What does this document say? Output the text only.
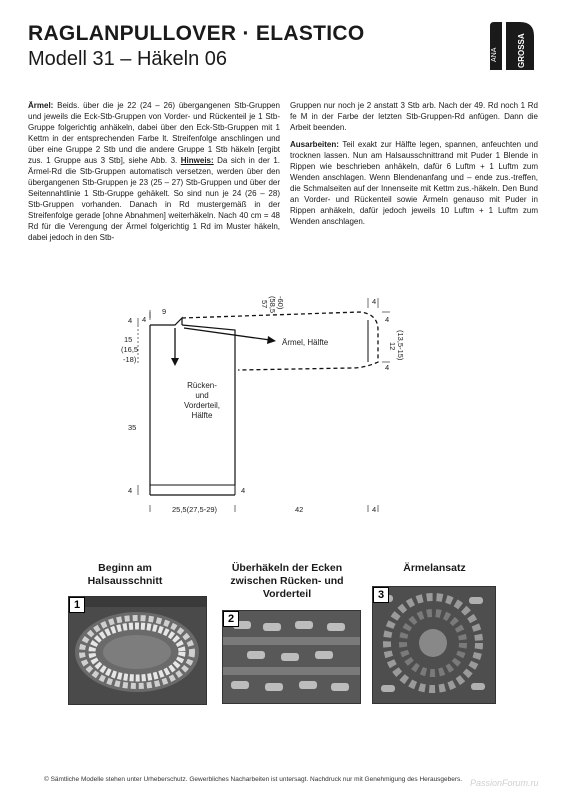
RAGLANPULLOVER · ELASTICO
Modell 31 – Häkeln 06	ANA GROSSA

Ärmel: Beids. über die je 22 (24 – 26) übergangenen Stb-Gruppen und jeweils die Eck-Stb-Gruppen von Vorder- und Rückenteil je 1 Stb-Gruppe folgerichtig anhäkeln, dabei über den Eck-Stb-Gruppen mit 1 Kettm in der entsprechenden Farbe lt. Streifenfolge anschlingen und über eine Gruppe 2 Stb und die andere Gruppe 1 Stb häkeln [ergibt zus. 1 Gruppe aus 3 Stb], siehe Abb. 3. Hinweis: Da sich in der 1. Ärmel-Rd die Stb-Gruppen automatisch versetzen, werden über den übergangenen Stb-Gruppen je 23 (25 – 27) Stb-Gruppen und über der Seitennahtlinie 1 Stb-Gruppe gehäkelt. So sind nun je 24 (26 – 28) Stb-Gruppen vorhanden. Danach in Rd mustergemäß in der Streifenfolge gerade [ohne Abnahmen] weiterhäkeln. Nach 40 cm = 48 Rd für die Verengung der Ärmel folgerichtig 1 Rd im Muster häkeln, dabei jedoch in den Stb-

Gruppen nur noch je 2 anstatt 3 Stb arb. Nach der 49. Rd noch 1 Rd fe M in der Farbe der letzten Stb-Gruppen-Rd anfügen. Dann die Arbeit beenden.

Ausarbeiten: Teil exakt zur Hälfte legen, spannen, anfeuchten und trocknen lassen. Nun am Halsausschnittrand mit Puder 1 Blende in Rippen wie beschrieben anhäkeln, dafür 6 Luftm + 1 Luftm zum Wenden anschlagen. Wenn Blendenanfang und – ende zus.-treffen, die Schmalseiten auf der Innenseite mit Kettm zus.-häkeln. Den Bund an Vorder- und Rückenteil sowie Ärmeln genauso mit Puder in Rippen anhäkeln, dafür jedoch jeweils 10 Luftm + 1 Luftm zum Wenden anschlagen.

Ärmel, Hälfte
Rücken-
und
Vorderteil,
Hälfte
4
9
57 (58,5 -60)	4
4
15
(16,5
-18)
35
4	4
25,5(27,5-29)	42	4
4
12 (13,5-15)
4
Beginn am Halsausschnitt
Überhäkeln der Ecken zwischen Rücken- und Vorderteil
Ärmelansatz
1
2
3
© Sämtliche Modelle stehen unter Urheberschutz. Gewerbliches Nacharbeiten ist untersagt. Nachdruck nur mit Genehmigung des Herausgebers. PassionForum.ru
